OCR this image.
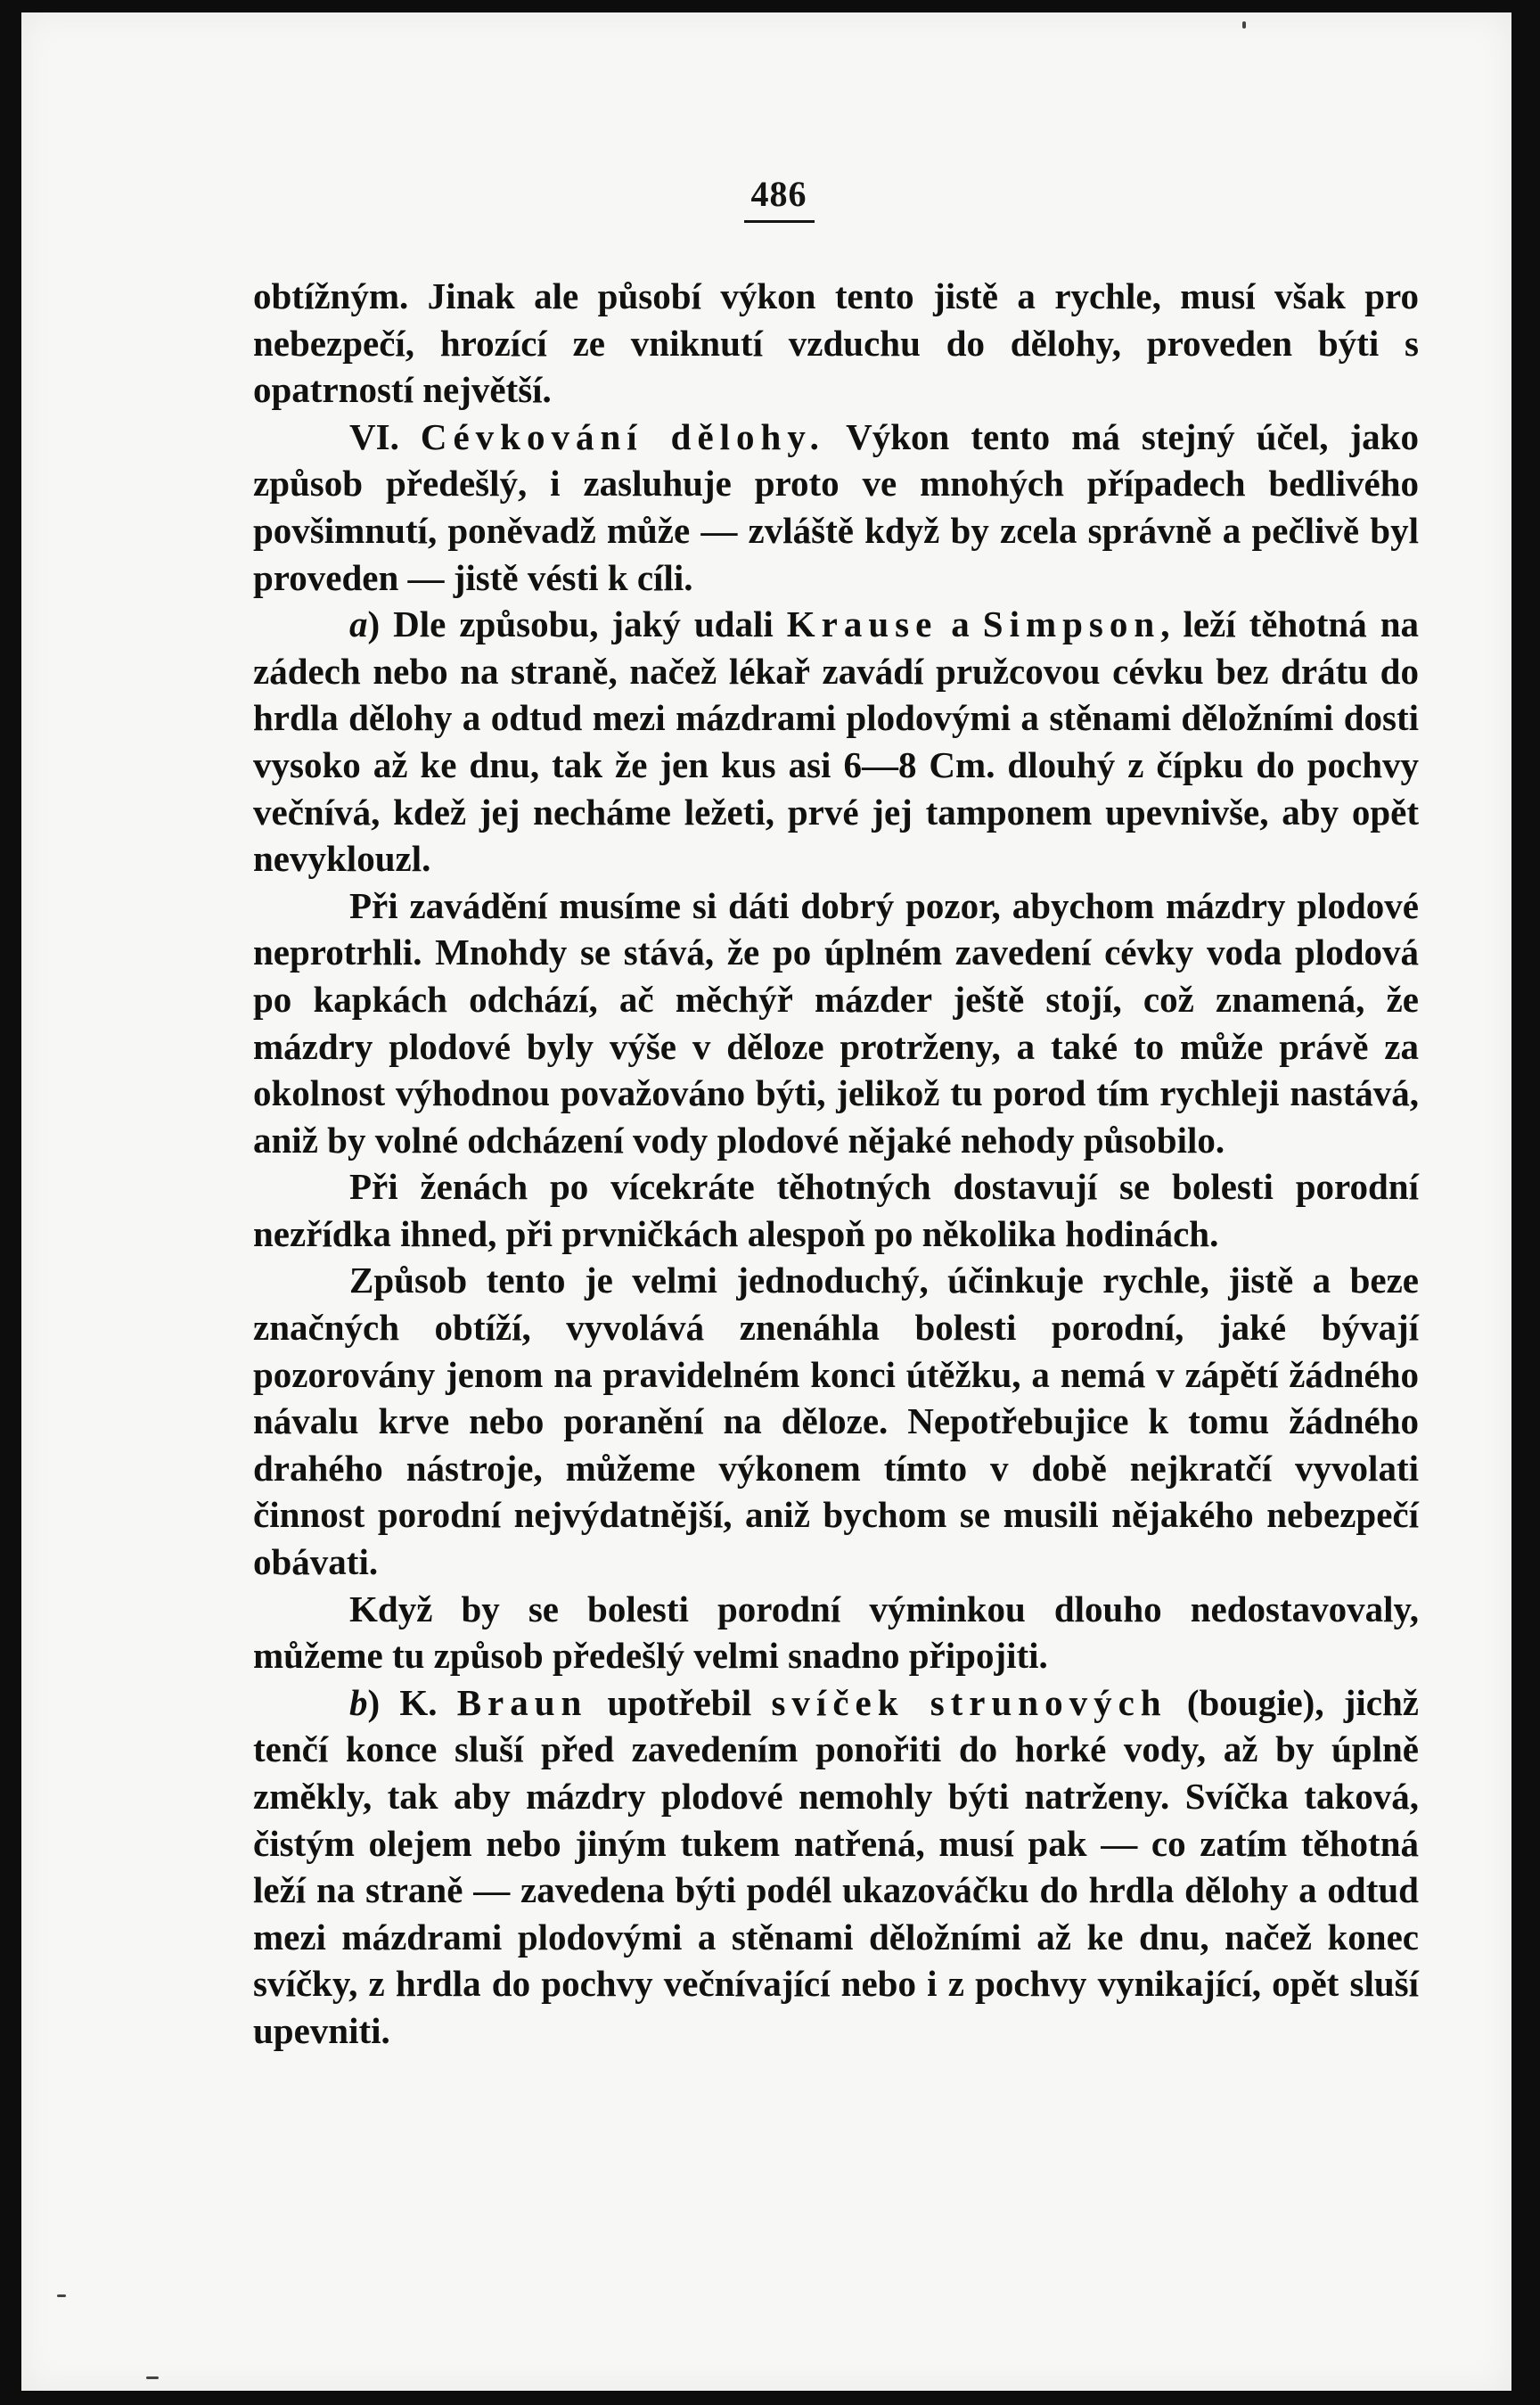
486

obtížným. Jinak ale působí výkon tento jistě a rychle, musí však pro nebezpečí, hrozící ze vniknutí vzduchu do dělohy, proveden býti s opatrností největší.

VI. Cévkování dělohy. Výkon tento má stejný účel, jako způsob předešlý, i zasluhuje proto ve mnohých případech bedlivého povšimnutí, poněvadž může — zvláště když by zcela správně a pečlivě byl proveden — jistě vésti k cíli.

a) Dle způsobu, jaký udali Krause a Simpson, leží těhotná na zádech nebo na straně, načež lékař zavádí pružcovou cévku bez drátu do hrdla dělohy a odtud mezi mázdrami plodovými a stěnami děložními dosti vysoko až ke dnu, tak že jen kus asi 6—8 Cm. dlouhý z čípku do pochvy večnívá, kdež jej necháme ležeti, prvé jej tamponem upevnivše, aby opět nevyklouzl.

Při zavádění musíme si dáti dobrý pozor, abychom mázdry plodové neprotrhli. Mnohdy se stává, že po úplném zavedení cévky voda plodová po kapkách odchází, ač měchýř mázder ještě stojí, což znamená, že mázdry plodové byly výše v děloze protrženy, a také to může právě za okolnost výhodnou považováno býti, jelikož tu porod tím rychleji nastává, aniž by volné odcházení vody plodové nějaké nehody působilo.

Při ženách po vícekráte těhotných dostavují se bolesti porodní nezřídka ihned, při prvničkách alespoň po několika hodinách.

Způsob tento je velmi jednoduchý, účinkuje rychle, jistě a beze značných obtíží, vyvolává znenáhla bolesti porodní, jaké bývají pozorovány jenom na pravidelném konci útěžku, a nemá v zápětí žádného návalu krve nebo poranění na děloze. Nepotřebujice k tomu žádného drahého nástroje, můžeme výkonem tímto v době nejkratčí vyvolati činnost porodní nejvýdatnější, aniž bychom se musili nějakého nebezpečí obávati.

Když by se bolesti porodní výminkou dlouho nedostavovaly, můžeme tu způsob předešlý velmi snadno připojiti.

b) K. Braun upotřebil svíček strunových (bougie), jichž tenčí konce sluší před zavedením ponořiti do horké vody, až by úplně změkly, tak aby mázdry plodové nemohly býti natrženy. Svíčka taková, čistým olejem nebo jiným tukem natřená, musí pak — co zatím těhotná leží na straně — zavedena býti podél ukazováčku do hrdla dělohy a odtud mezi mázdrami plodovými a stěnami děložními až ke dnu, načež konec svíčky, z hrdla do pochvy večnívající nebo i z pochvy vynikající, opět sluší upevniti.
